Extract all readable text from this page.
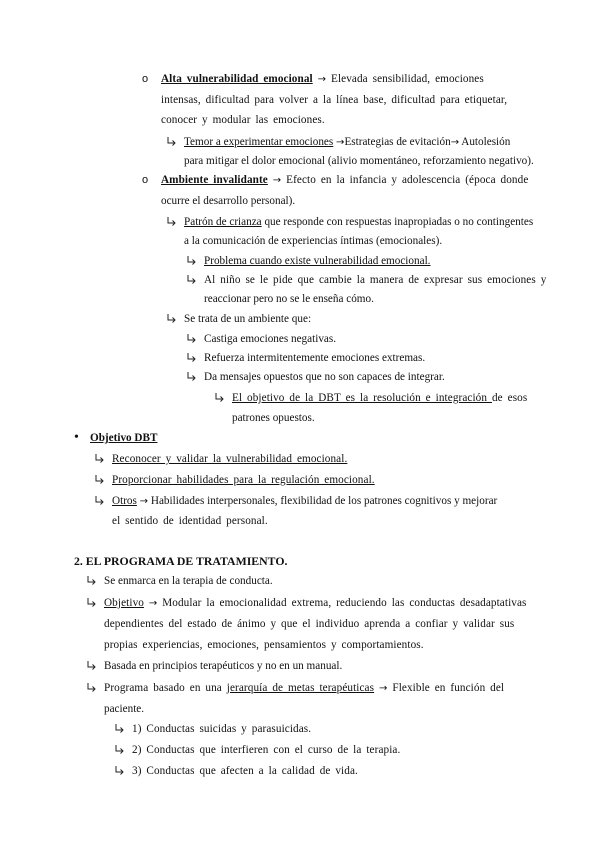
o Alta vulnerabilidad emocional → Elevada sensibilidad, emociones
intensas, dificultad para volver a la línea base, dificultad para etiquetar,
conocer y modular las emociones.
Temor a experimentar emociones →Estrategias de evitación→ Autolesión
para mitigar el dolor emocional (alivio momentáneo, reforzamiento negativo).
o Ambiente invalidante → Efecto en la infancia y adolescencia (época donde
ocurre el desarrollo personal).
Patrón de crianza que responde con respuestas inapropiadas o no contingentes
a la comunicación de experiencias íntimas (emocionales).
Problema cuando existe vulnerabilidad emocional.
Al niño se le pide que cambie la manera de expresar sus emociones y
reaccionar pero no se le enseña cómo.
Se trata de un ambiente que:
Castiga emociones negativas.
Refuerza intermitentemente emociones extremas.
Da mensajes opuestos que no son capaces de integrar.
El objetivo de la DBT es la resolución e integración de esos
patrones opuestos.
• Objetivo DBT
Reconocer y validar la vulnerabilidad emocional.
Proporcionar habilidades para la regulación emocional.
Otros → Habilidades interpersonales, flexibilidad de los patrones cognitivos y mejorar
el sentido de identidad personal.
2. EL PROGRAMA DE TRATAMIENTO.
Se enmarca en la terapia de conducta.
Objetivo → Modular la emocionalidad extrema, reduciendo las conductas desadaptativas
dependientes del estado de ánimo y que el individuo aprenda a confiar y validar sus
propias experiencias, emociones, pensamientos y comportamientos.
Basada en principios terapéuticos y no en un manual.
Programa basado en una jerarquía de metas terapéuticas → Flexible en función del
paciente.
1) Conductas suicidas y parasuicidas.
2) Conductas que interfieren con el curso de la terapia.
3) Conductas que afecten a la calidad de vida.
